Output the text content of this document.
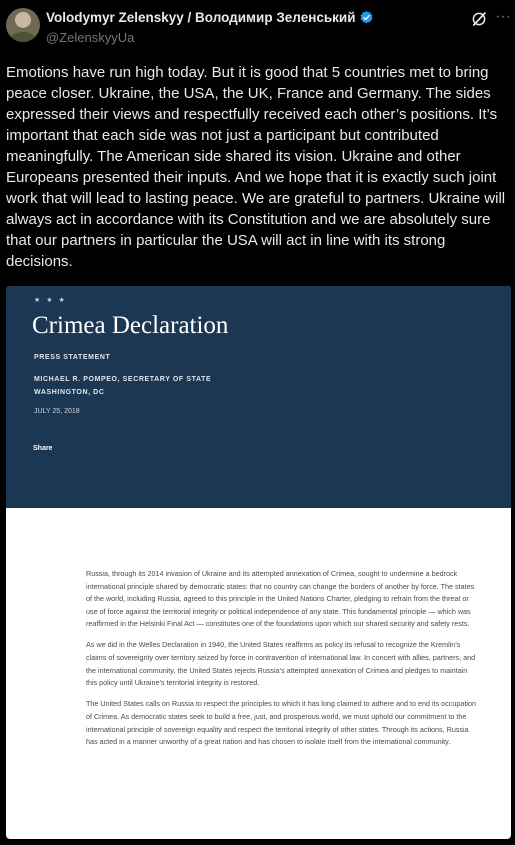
Volodymyr Zelenskyy / Володимир Зеленський
@ZelenskyyUa
···
Emotions have run high today. But it is good that 5 countries met to bring peace closer. Ukraine, the USA, the UK, France and Germany. The sides expressed their views and respectfully received each other’s positions. It’s important that each side was not just a participant but contributed meaningfully. The American side shared its vision. Ukraine and other Europeans presented their inputs. And we hope that it is exactly such joint work that will lead to lasting peace. We are grateful to partners. Ukraine will always act in accordance with its Constitution and we are absolutely sure that our partners in particular the USA will act in line with its strong decisions.
★ ★ ★
Crimea Declaration
PRESS STATEMENT
MICHAEL R. POMPEO, SECRETARY OF STATE
WASHINGTON, DC
JULY 25, 2018
Share

Russia, through its 2014 invasion of Ukraine and its attempted annexation of Crimea, sought to undermine a bedrock international principle shared by democratic states: that no country can change the borders of another by force. The states of the world, including Russia, agreed to this principle in the United Nations Charter, pledging to refrain from the threat or use of force against the territorial integrity or political independence of any state. This fundamental principle — which was reaffirmed in the Helsinki Final Act — constitutes one of the foundations upon which our shared security and safety rests.

As we did in the Welles Declaration in 1940, the United States reaffirms as policy its refusal to recognize the Kremlin’s claims of sovereignty over territory seized by force in contravention of international law. In concert with allies, partners, and the international community, the United States rejects Russia’s attempted annexation of Crimea and pledges to maintain this policy until Ukraine’s territorial integrity is restored.

The United States calls on Russia to respect the principles to which it has long claimed to adhere and to end its occupation of Crimea. As democratic states seek to build a free, just, and prosperous world, we must uphold our commitment to the international principle of sovereign equality and respect the territorial integrity of other states. Through its actions, Russia has acted in a manner unworthy of a great nation and has chosen to isolate itself from the international community.
